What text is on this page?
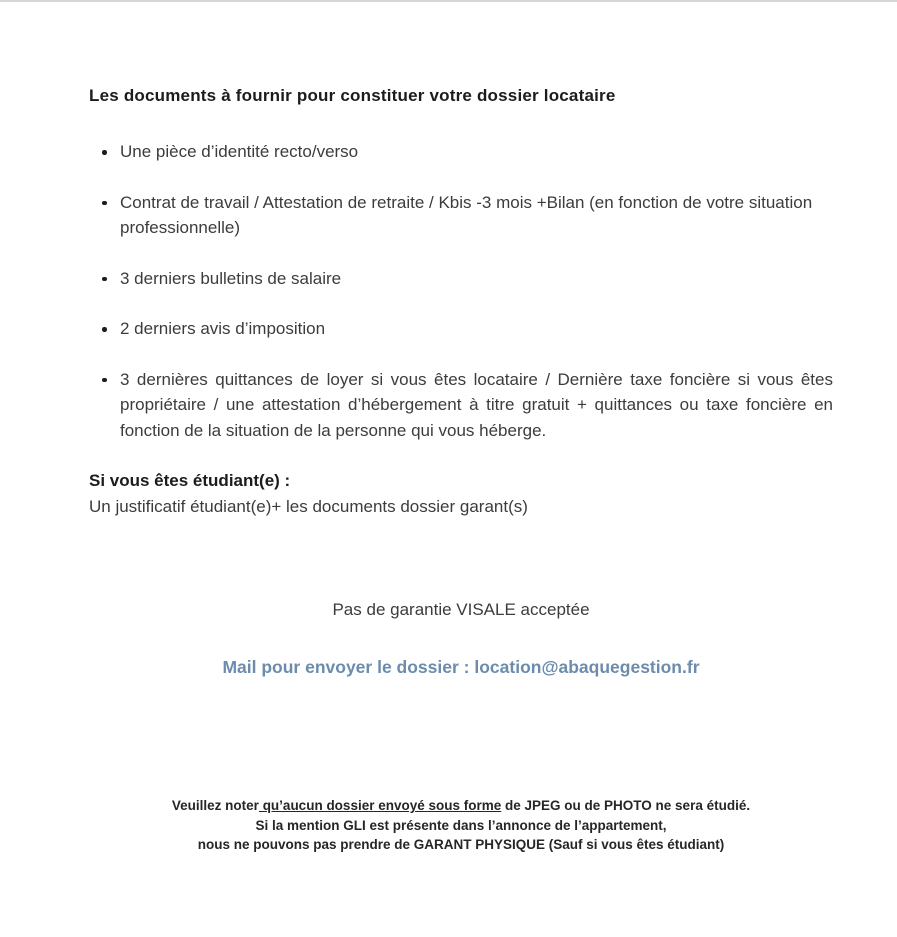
Les documents à fournir pour constituer votre dossier locataire
Une pièce d’identité recto/verso
Contrat de travail / Attestation de retraite / Kbis -3 mois +Bilan (en fonction de votre situation professionnelle)
3 derniers bulletins de salaire
2 derniers avis d’imposition
3 dernières quittances de loyer si vous êtes locataire / Dernière taxe foncière si vous êtes propriétaire / une attestation d’hébergement à titre gratuit + quittances ou taxe foncière en fonction de la situation de la personne qui vous héberge.

Si vous êtes étudiant(e) :

Un justificatif étudiant(e)+ les documents dossier garant(s)

Pas de garantie VISALE acceptée

Mail pour envoyer le dossier : location@abaquegestion.fr

Veuillez noter qu’aucun dossier envoyé sous forme de JPEG ou de PHOTO ne sera étudié.
Si la mention GLI est présente dans l’annonce de l’appartement,
nous ne pouvons pas prendre de GARANT PHYSIQUE (Sauf si vous êtes étudiant)
